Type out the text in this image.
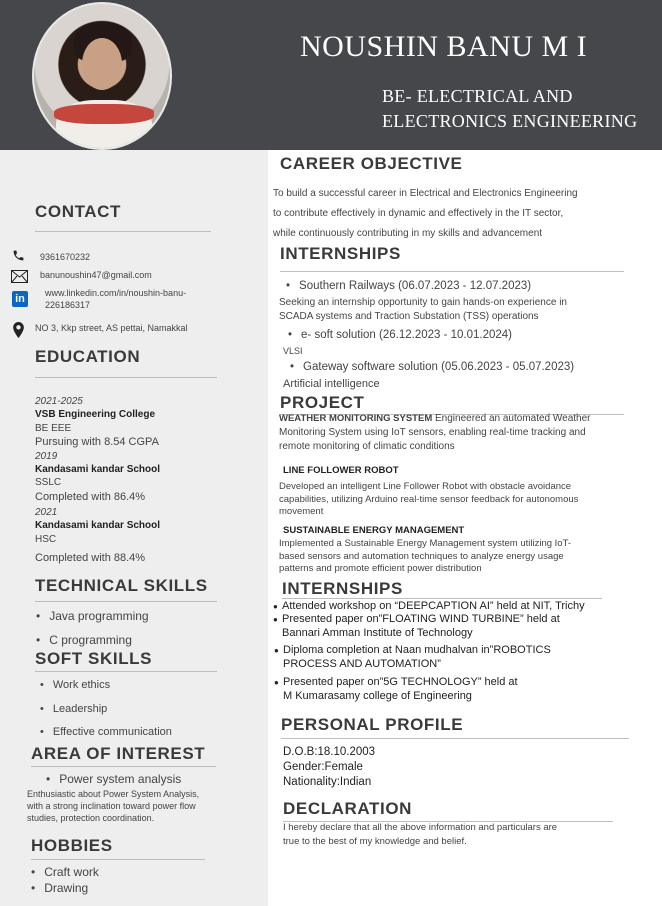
NOUSHIN BANU M I
BE- ELECTRICAL AND
ELECTRONICS ENGINEERING
CONTACT
9361670232
banunoushin47@gmail.com
in	www.linkedin.com/in/noushin-banu-
226186317
NO 3, Kkp street, AS pettai, Namakkal
EDUCATION
2021-2025
VSB Engineering College
BE EEE
Pursuing with 8.54 CGPA
2019
Kandasami kandar School
SSLC
Completed with 86.4%
2021
Kandasami kandar School
HSC
Completed with 88.4%
TECHNICAL SKILLS
• Java programming
• C programming
SOFT SKILLS
• Work ethics
• Leadership
• Effective communication
AREA OF INTEREST
• Power system analysis
Enthusiastic about Power System Analysis,
with a strong inclination toward power flow
studies, protection coordination.
HOBBIES
• Craft work
• Drawing
CAREER OBJECTIVE
To build a successful career in Electrical and Electronics Engineering
to contribute effectively in dynamic and effectively in the IT sector,
while continuously contributing in my skills and advancement
INTERNSHIPS
• Southern Railways (06.07.2023 - 12.07.2023)
Seeking an internship opportunity to gain hands-on experience in
SCADA systems and Traction Substation (TSS) operations
• e- soft solution (26.12.2023 - 10.01.2024)
VLSI
• Gateway software solution (05.06.2023 - 05.07.2023)
Artificial intelligence
PROJECT
WEATHER MONITORING SYSTEM Engineered an automated Weather
Monitoring System using IoT sensors, enabling real-time tracking and
remote monitoring of climatic conditions
LINE FOLLOWER ROBOT
Developed an intelligent Line Follower Robot with obstacle avoidance
capabilities, utilizing Arduino real-time sensor feedback for autonomous
movement
SUSTAINABLE ENERGY MANAGEMENT
Implemented a Sustainable Energy Management system utilizing IoT-
based sensors and automation techniques to analyze energy usage
patterns and promote efficient power distribution
INTERNSHIPS
● Attended workshop on “DEEPCAPTION AI” held at NIT, Trichy
● Presented paper on”FLOATING WIND TURBINE” held at
Bannari Amman Institute of Technology
● Diploma completion at Naan mudhalvan in”ROBOTICS
PROCESS AND AUTOMATION”
● Presented paper on”5G TECHNOLOGY” held at
M Kumarasamy college of Engineering
PERSONAL PROFILE
D.O.B:18.10.2003
Gender:Female
Nationality:Indian
DECLARATION
I hereby declare that all the above information and particulars are
true to the best of my knowledge and belief.
